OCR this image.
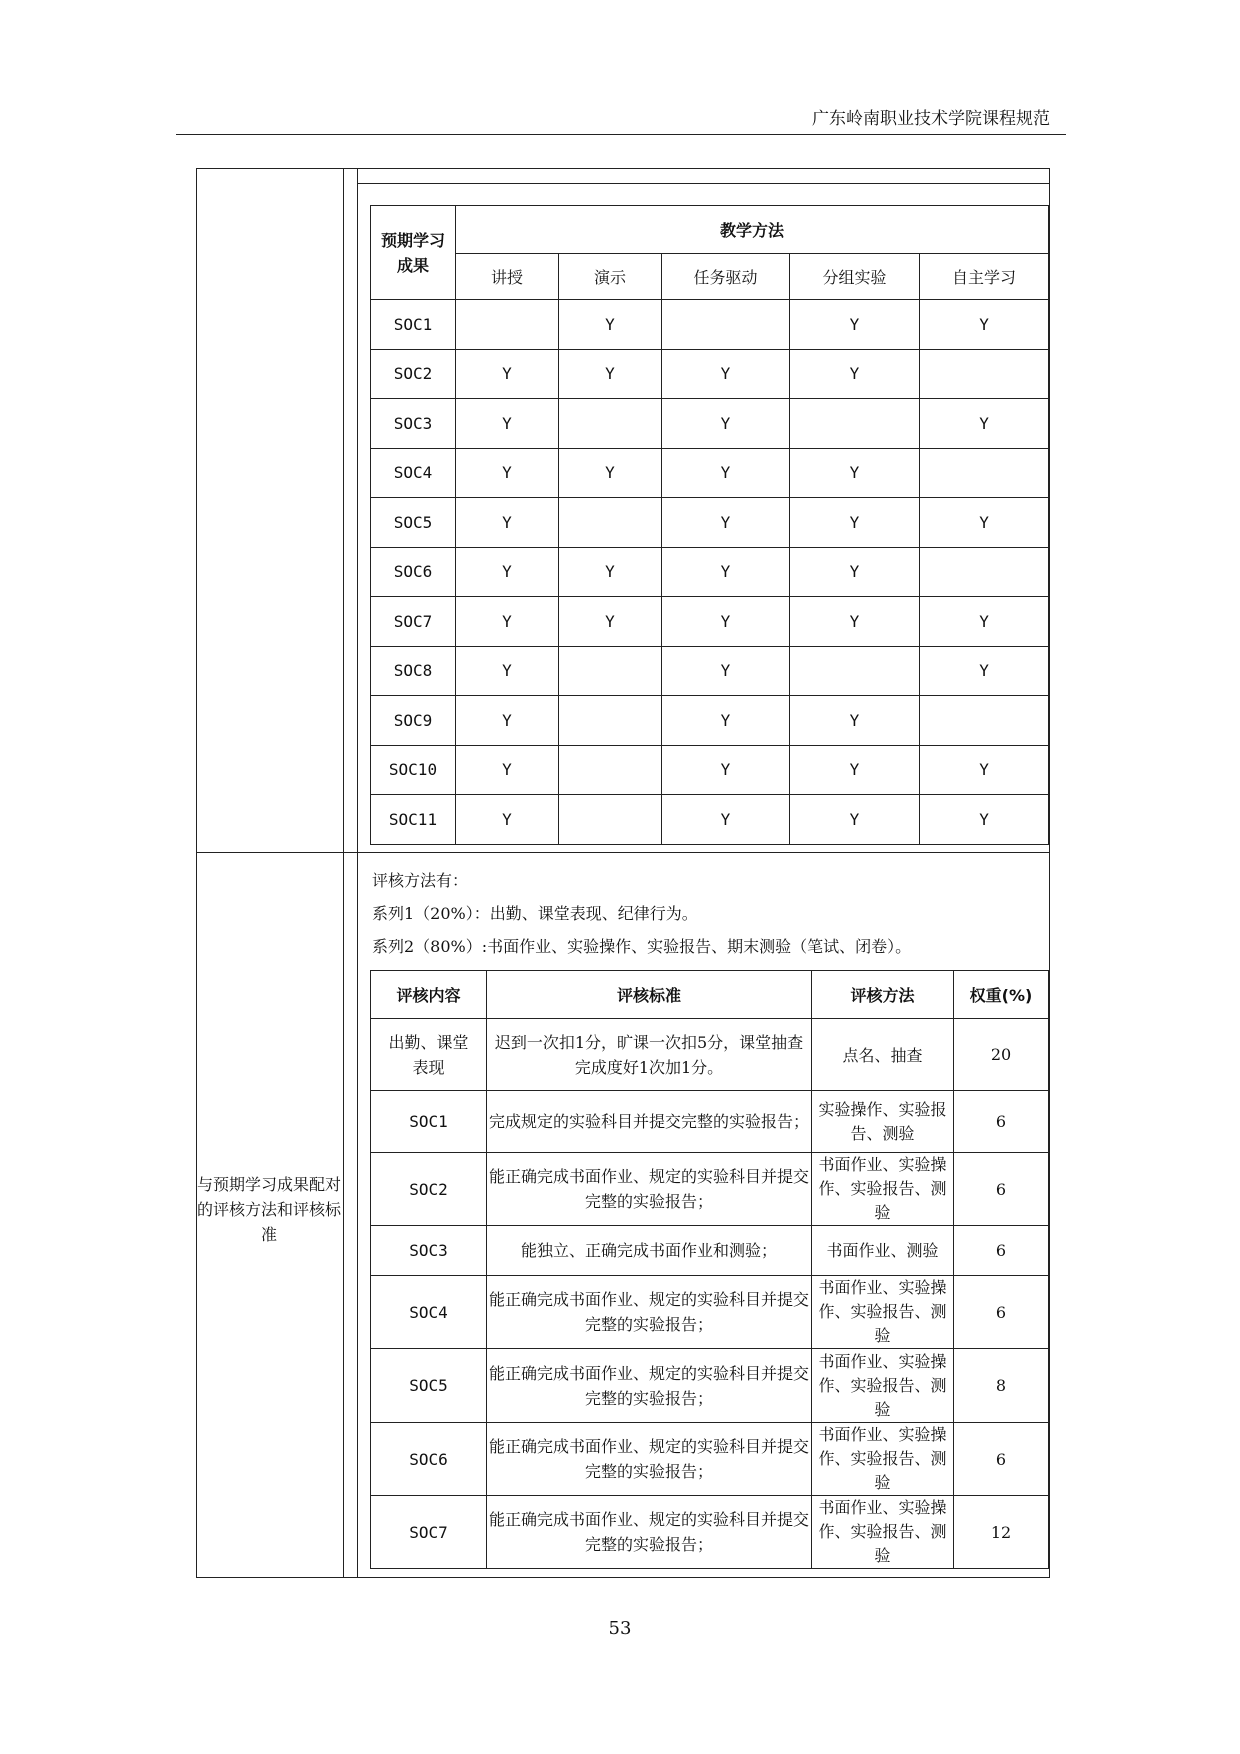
广东岭南职业技术学院课程规范
预期学习成果	教学方法				
	讲授	演示	任务驱动	分组实验	自主学习
SOC1		Y		Y	Y
SOC2	Y	Y	Y	Y	
SOC3	Y		Y		Y
SOC4	Y	Y	Y	Y	
SOC5	Y		Y	Y	Y
SOC6	Y	Y	Y	Y	
SOC7	Y	Y	Y	Y	Y
SOC8	Y		Y		Y
SOC9	Y		Y	Y	
SOC10	Y		Y	Y	Y
SOC11	Y		Y	Y	Y
与预期学习成果配对的评核方法和评核标准
评核方法有：
系列1（20%）：出勤、课堂表现、纪律行为。
系列2（80%）:书面作业、实验操作、实验报告、期末测验（笔试、闭卷）。
评核内容	评核标准	评核方法	权重(%)
出勤、课堂表现	迟到一次扣1分，旷课一次扣5分，课堂抽查完成度好1次加1分。	点名、抽查	20
SOC1	完成规定的实验科目并提交完整的实验报告；	实验操作、实验报告、测验	6
SOC2	能正确完成书面作业、规定的实验科目并提交完整的实验报告；	书面作业、实验操作、实验报告、测验	6
SOC3	能独立、正确完成书面作业和测验；	书面作业、测验	6
SOC4	能正确完成书面作业、规定的实验科目并提交完整的实验报告；	书面作业、实验操作、实验报告、测验	6
SOC5	能正确完成书面作业、规定的实验科目并提交完整的实验报告；	书面作业、实验操作、实验报告、测验	8
SOC6	能正确完成书面作业、规定的实验科目并提交完整的实验报告；	书面作业、实验操作、实验报告、测验	6
SOC7	能正确完成书面作业、规定的实验科目并提交完整的实验报告；	书面作业、实验操作、实验报告、测验	12
53
